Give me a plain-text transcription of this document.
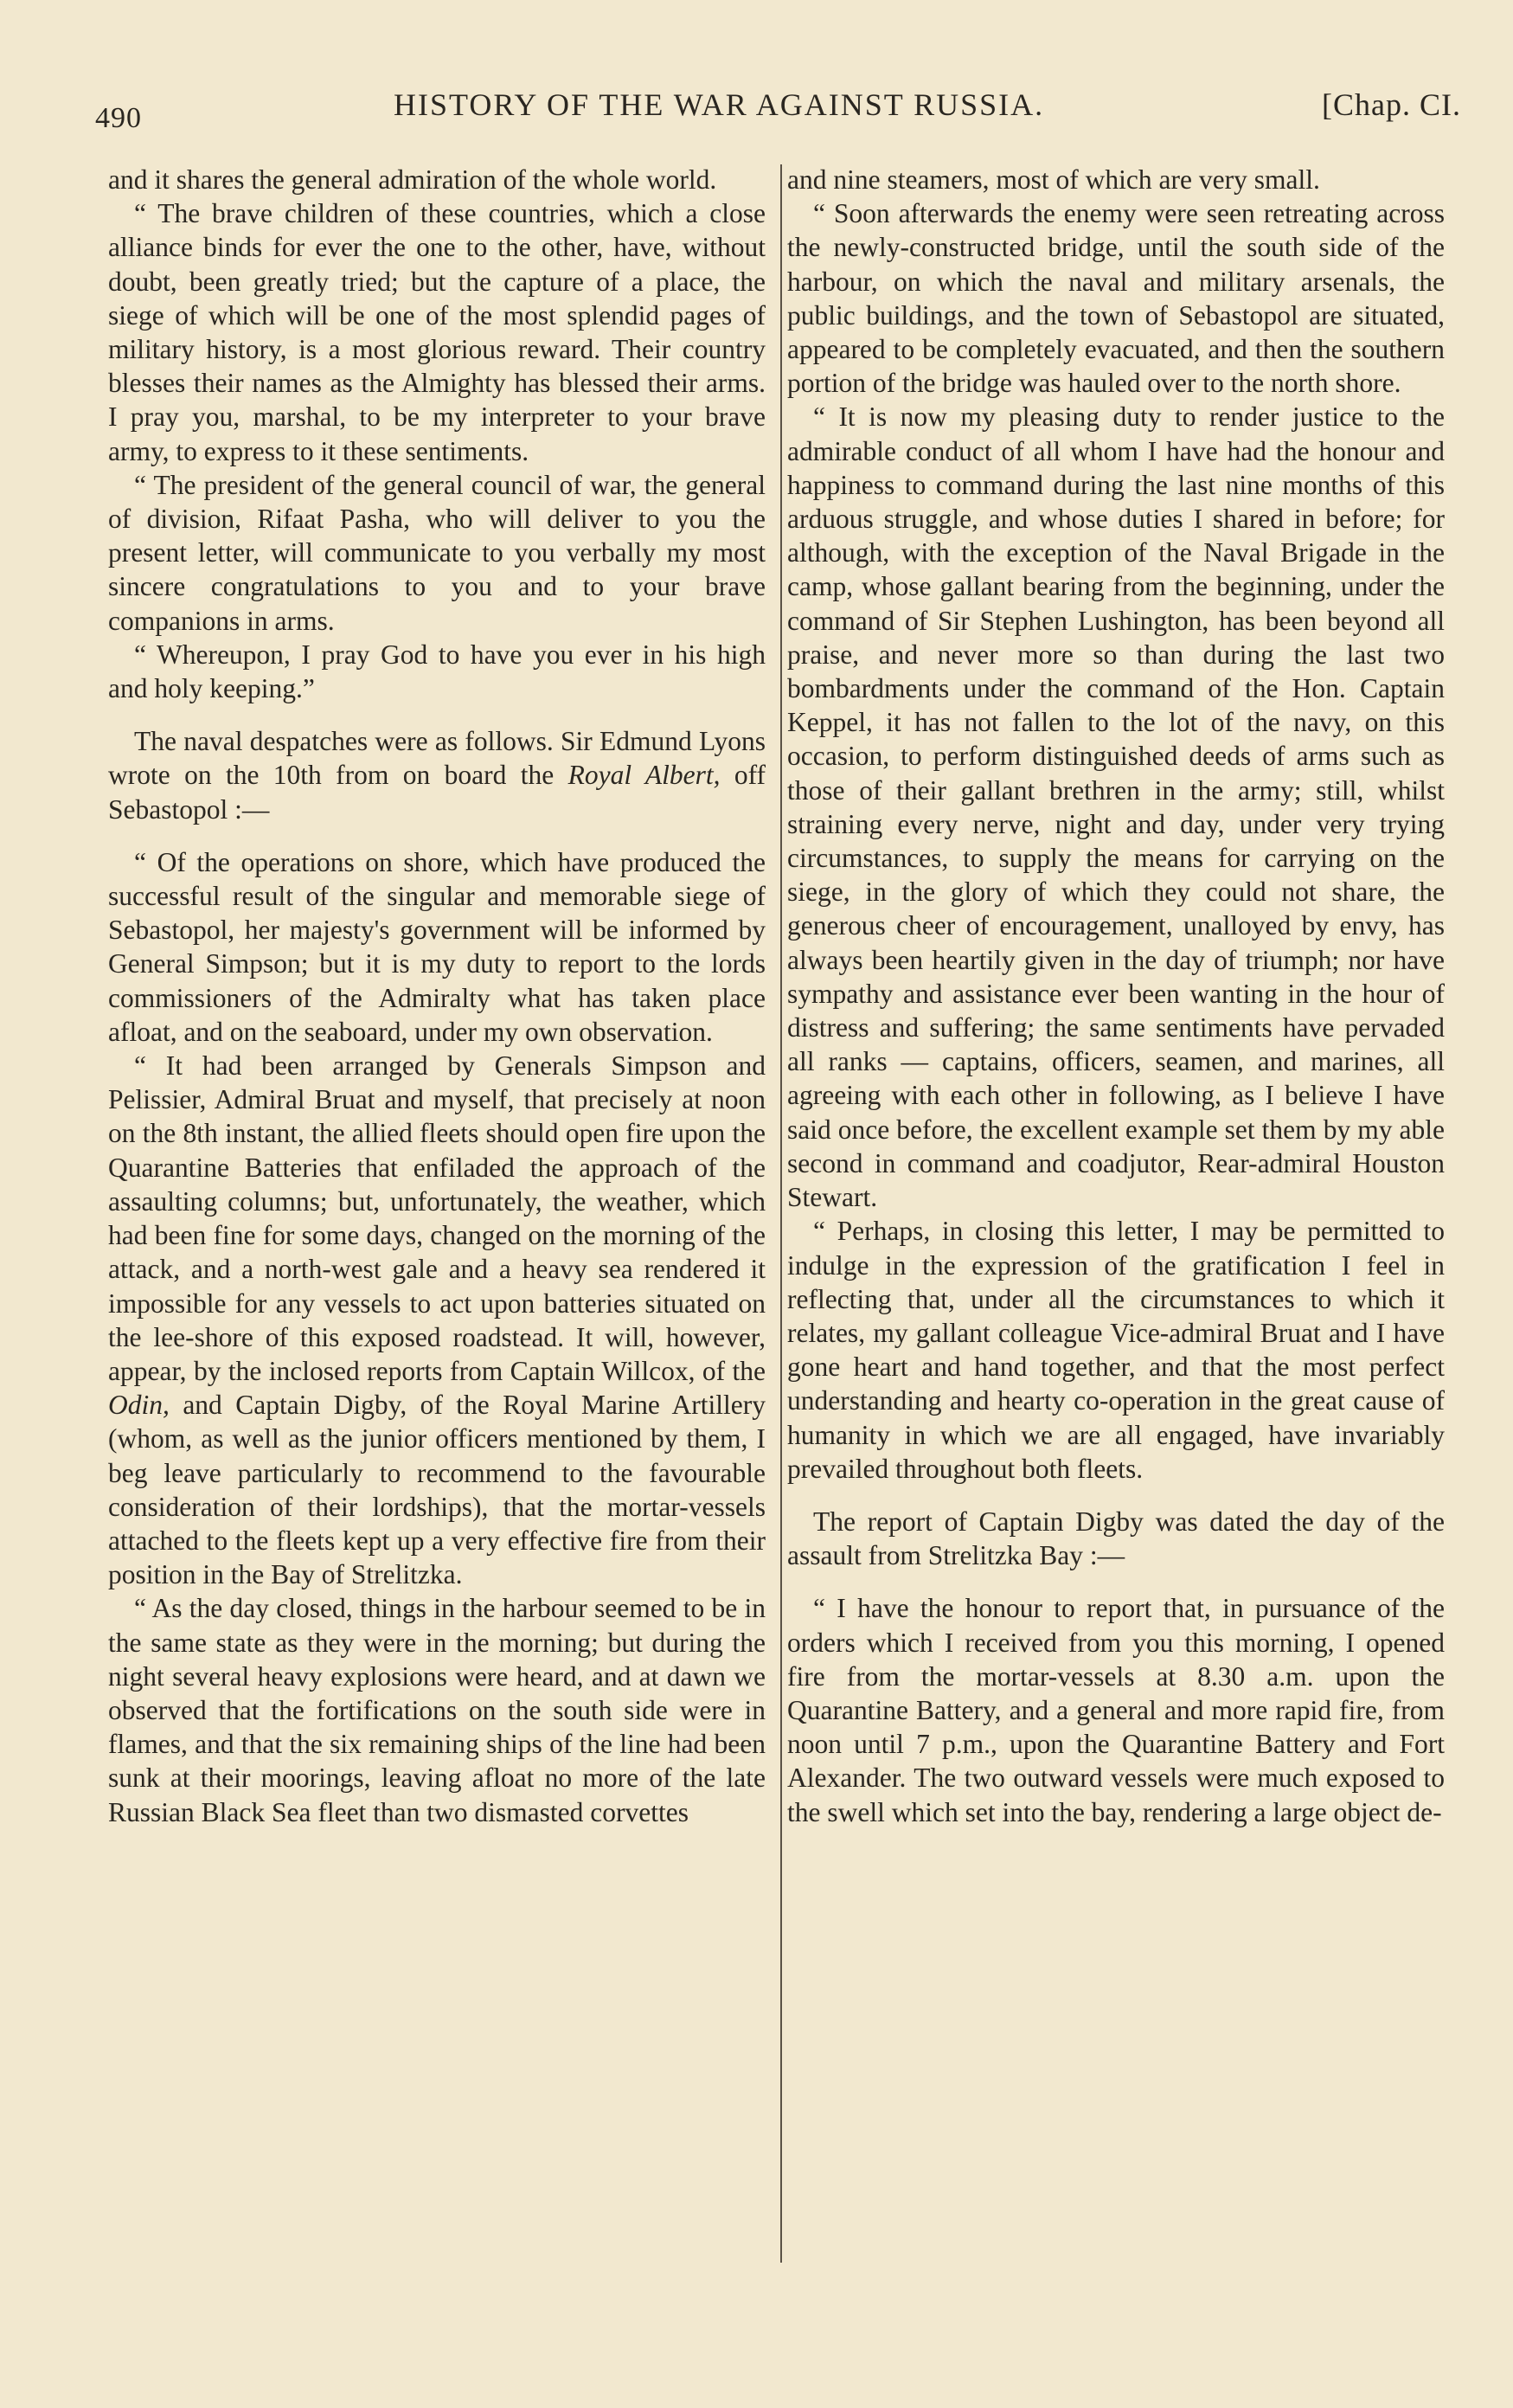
490	HISTORY OF THE WAR AGAINST RUSSIA.	[Chap. CI.

and it shares the general admiration of the whole world.

“ The brave children of these countries, which a close alliance binds for ever the one to the other, have, without doubt, been greatly tried; but the capture of a place, the siege of which will be one of the most splendid pages of military history, is a most glorious reward. Their country blesses their names as the Almighty has blessed their arms. I pray you, marshal, to be my interpreter to your brave army, to express to it these sentiments.

“ The president of the general council of war, the general of division, Rifaat Pasha, who will deliver to you the present letter, will communicate to you verbally my most sincere congratulations to you and to your brave companions in arms.

“ Whereupon, I pray God to have you ever in his high and holy keeping.”

The naval despatches were as follows. Sir Edmund Lyons wrote on the 10th from on board the Royal Albert, off Sebastopol :—

“ Of the operations on shore, which have produced the successful result of the singular and memorable siege of Sebastopol, her majesty's government will be informed by General Simpson; but it is my duty to report to the lords commissioners of the Admiralty what has taken place afloat, and on the seaboard, under my own observation.

“ It had been arranged by Generals Simpson and Pelissier, Admiral Bruat and myself, that precisely at noon on the 8th instant, the allied fleets should open fire upon the Quarantine Batteries that enfiladed the approach of the assaulting columns; but, unfortunately, the weather, which had been fine for some days, changed on the morning of the attack, and a north-west gale and a heavy sea rendered it impossible for any vessels to act upon batteries situated on the lee-shore of this exposed roadstead. It will, however, appear, by the inclosed reports from Captain Willcox, of the Odin, and Captain Digby, of the Royal Marine Artillery (whom, as well as the junior officers mentioned by them, I beg leave particularly to recommend to the favourable consideration of their lordships), that the mortar-vessels attached to the fleets kept up a very effective fire from their position in the Bay of Strelitzka.

“ As the day closed, things in the harbour seemed to be in the same state as they were in the morning; but during the night several heavy explosions were heard, and at dawn we observed that the fortifications on the south side were in flames, and that the six remaining ships of the line had been sunk at their moorings, leaving afloat no more of the late Russian Black Sea fleet than two dismasted corvettes

and nine steamers, most of which are very small.

“ Soon afterwards the enemy were seen retreating across the newly-constructed bridge, until the south side of the harbour, on which the naval and military arsenals, the public buildings, and the town of Sebastopol are situated, appeared to be completely evacuated, and then the southern portion of the bridge was hauled over to the north shore.

“ It is now my pleasing duty to render justice to the admirable conduct of all whom I have had the honour and happiness to command during the last nine months of this arduous struggle, and whose duties I shared in before; for although, with the exception of the Naval Brigade in the camp, whose gallant bearing from the beginning, under the command of Sir Stephen Lushington, has been beyond all praise, and never more so than during the last two bombardments under the command of the Hon. Captain Keppel, it has not fallen to the lot of the navy, on this occasion, to perform distinguished deeds of arms such as those of their gallant brethren in the army; still, whilst straining every nerve, night and day, under very trying circumstances, to supply the means for carrying on the siege, in the glory of which they could not share, the generous cheer of encouragement, unalloyed by envy, has always been heartily given in the day of triumph; nor have sympathy and assistance ever been wanting in the hour of distress and suffering; the same sentiments have pervaded all ranks — captains, officers, seamen, and marines, all agreeing with each other in following, as I believe I have said once before, the excellent example set them by my able second in command and coadjutor, Rear-admiral Houston Stewart.

“ Perhaps, in closing this letter, I may be permitted to indulge in the expression of the gratification I feel in reflecting that, under all the circumstances to which it relates, my gallant colleague Vice-admiral Bruat and I have gone heart and hand together, and that the most perfect understanding and hearty co-operation in the great cause of humanity in which we are all engaged, have invariably prevailed throughout both fleets.

The report of Captain Digby was dated the day of the assault from Strelitzka Bay :—

“ I have the honour to report that, in pursuance of the orders which I received from you this morning, I opened fire from the mortar-vessels at 8.30 a.m. upon the Quarantine Battery, and a general and more rapid fire, from noon until 7 p.m., upon the Quarantine Battery and Fort Alexander. The two outward vessels were much exposed to the swell which set into the bay, rendering a large object de-
